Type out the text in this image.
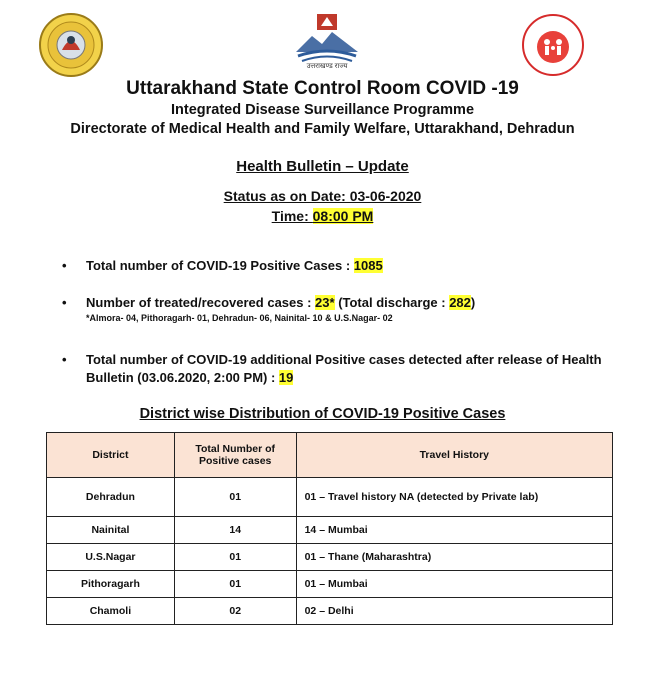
उत्तराखण्ड राज्य
Uttarakhand State Control Room COVID -19
Integrated Disease Surveillance Programme
Directorate of Medical Health and Family Welfare, Uttarakhand, Dehradun
Health Bulletin – Update
Status as on Date: 03-06-2020
Time: 08:00 PM
• Total number of COVID-19 Positive Cases : 1085
• Number of treated/recovered cases : 23* (Total discharge : 282)
*Almora- 04, Pithoragarh- 01, Dehradun- 06, Nainital- 10 & U.S.Nagar- 02
• Total number of COVID-19 additional Positive cases detected after release of Health Bulletin (03.06.2020, 2:00 PM) : 19
District wise Distribution of COVID-19 Positive Cases
District	Total Number of Positive cases	Travel History
Dehradun	01	01 – Travel history NA (detected by Private lab)
Nainital	14	14 – Mumbai
U.S.Nagar	01	01 – Thane (Maharashtra)
Pithoragarh	01	01 – Mumbai
Chamoli	02	02 – Delhi
